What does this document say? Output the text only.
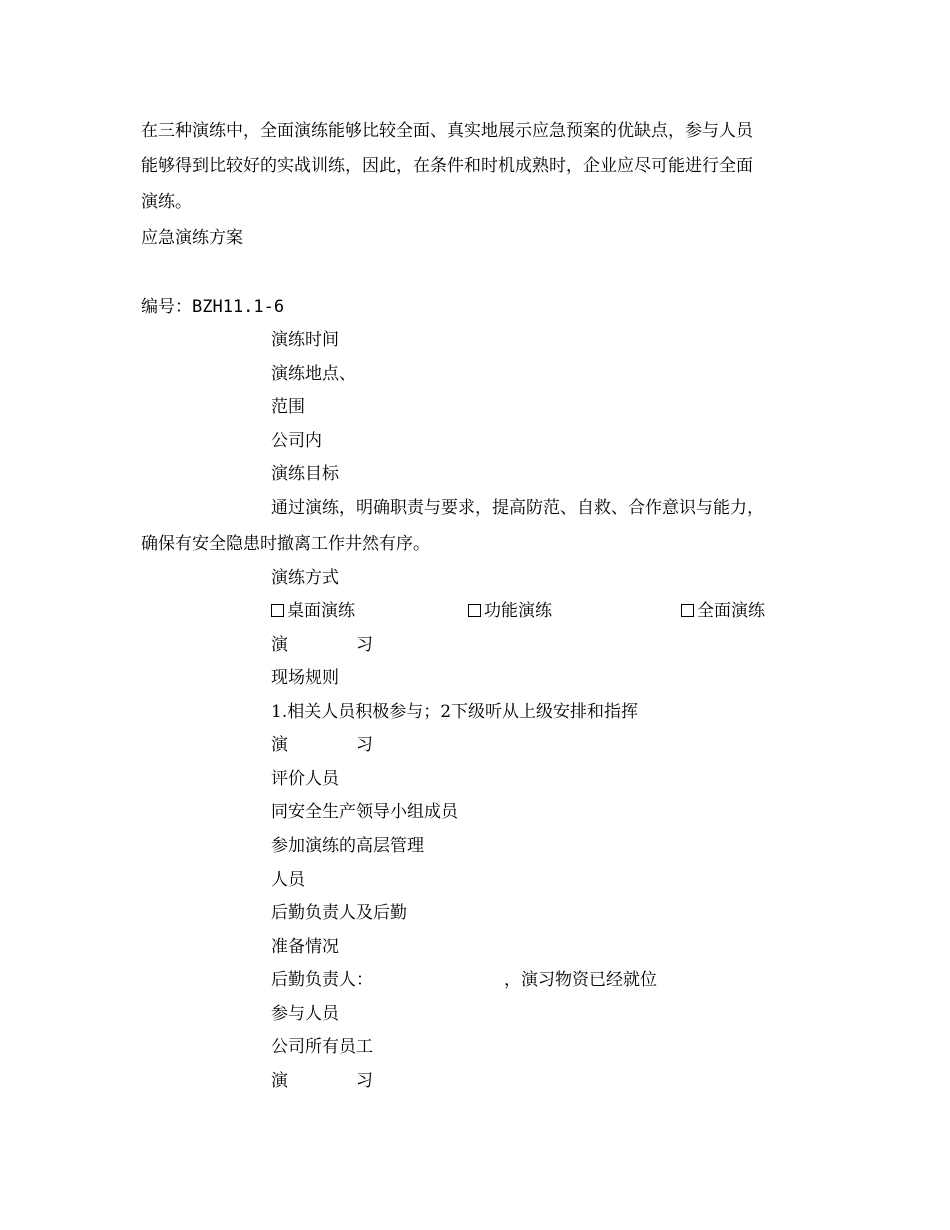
在三种演练中，全面演练能够比较全面、真实地展示应急预案的优缺点，参与人员
能够得到比较好的实战训练，因此，在条件和时机成熟时，企业应尽可能进行全面
演练。
应急演练方案
编号：BZH11.1-6
演练时间
演练地点、
范围
公司内
演练目标
通过演练，明确职责与要求，提高防范、自救、合作意识与能力，
确保有安全隐患时撤离工作井然有序。
演练方式
桌面演练	功能演练	全面演练
演	习
现场规则
1.相关人员积极参与；2下级听从上级安排和指挥
演	习
评价人员
同安全生产领导小组成员
参加演练的高层管理
人员
后勤负责人及后勤
准备情况
后勤负责人：	，演习物资已经就位
参与人员
公司所有员工
演	习
